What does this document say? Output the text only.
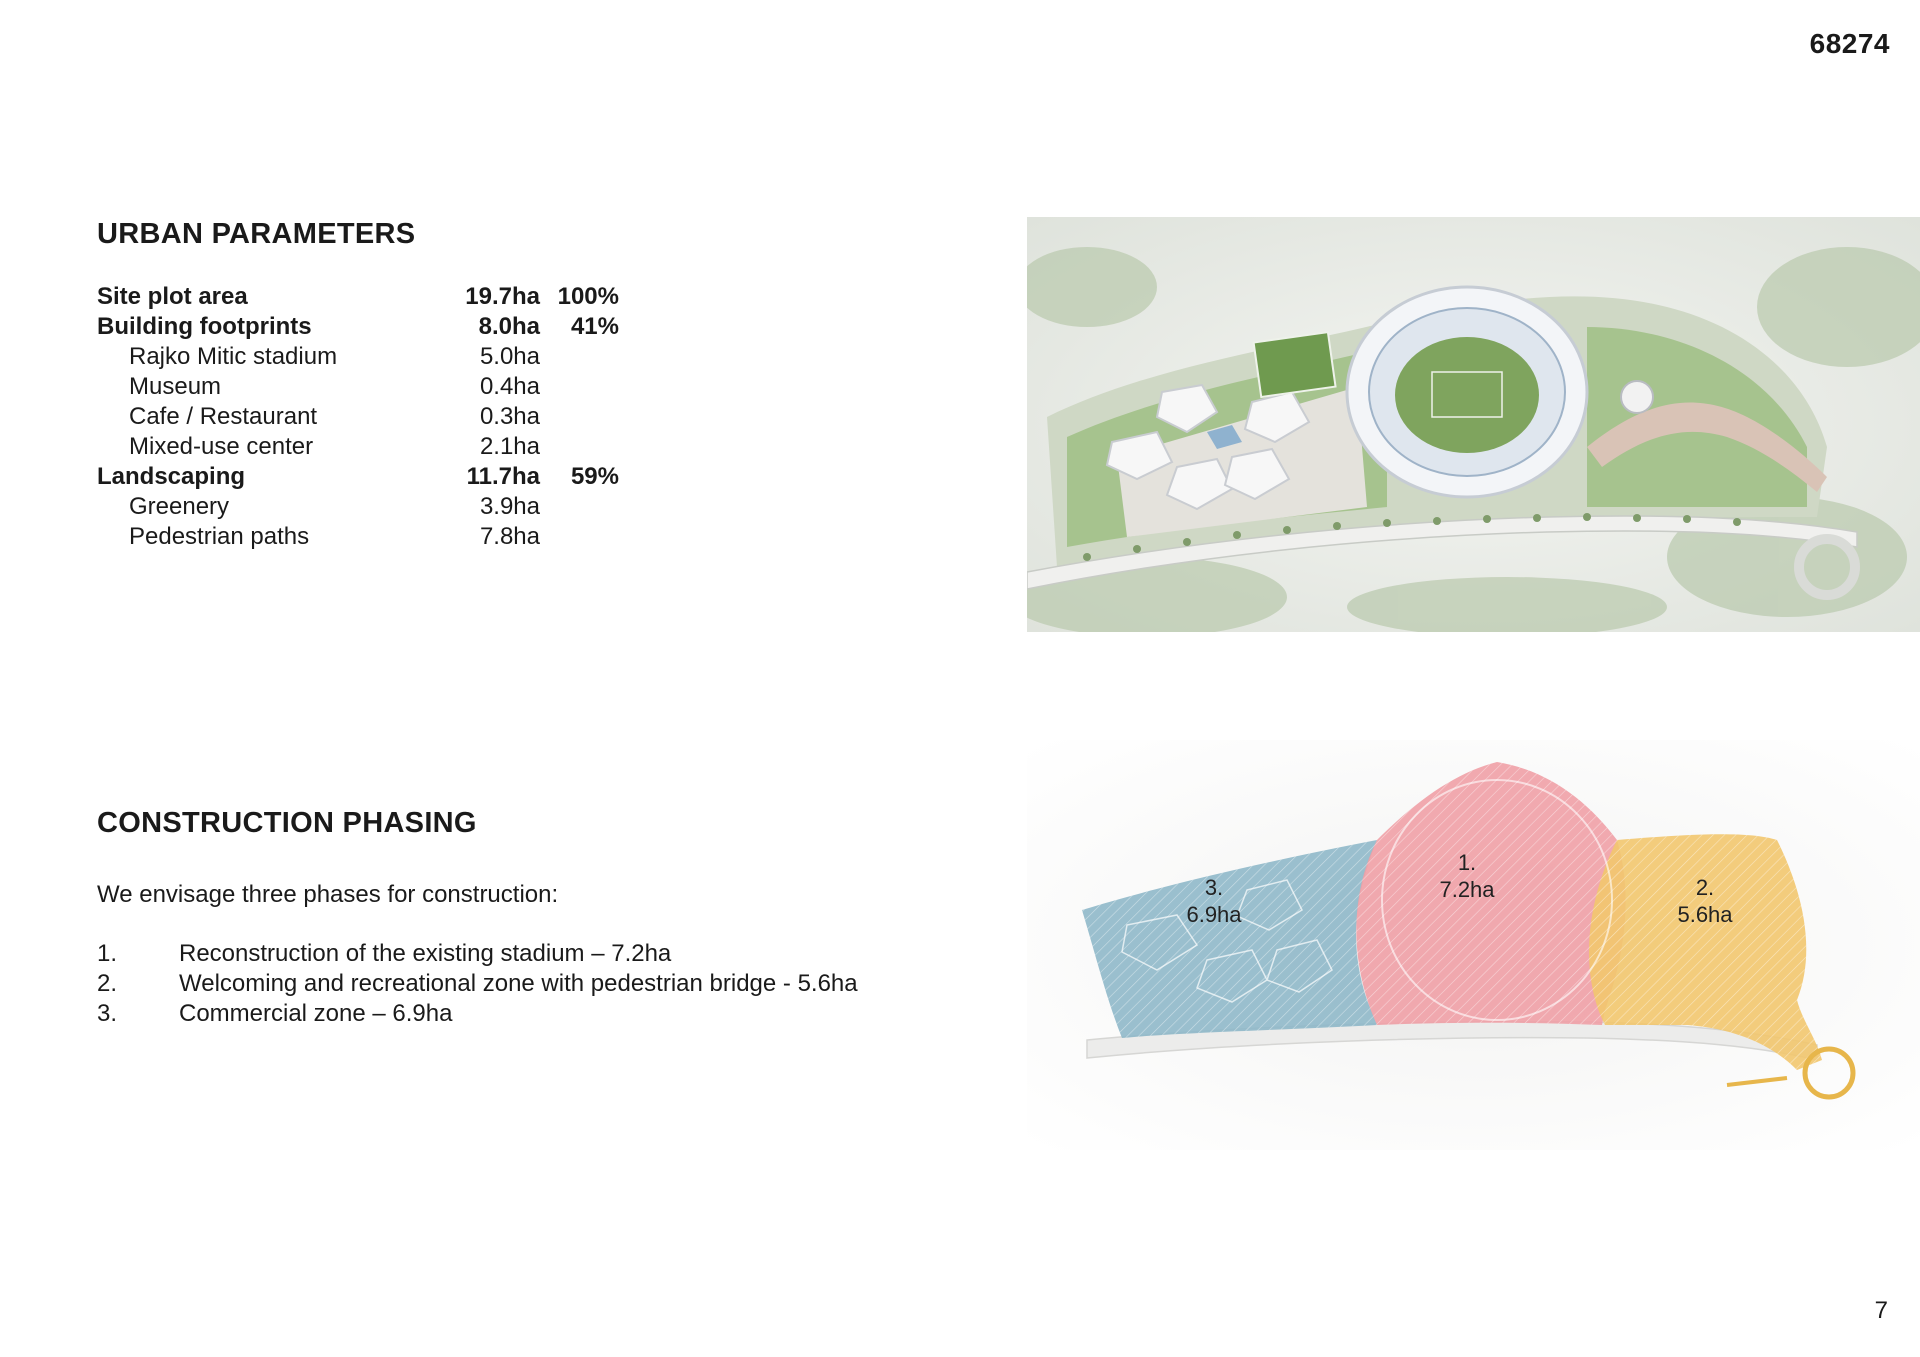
68274
URBAN PARAMETERS
Site plot area	19.7ha 100%
Building footprints	8.0ha	41%
Rajko Mitic stadium	5.0ha
Museum	0.4ha
Cafe / Restaurant	0.3ha
Mixed-use center	2.1ha
Landscaping	11.7ha	59%
Greenery	3.9ha
Pedestrian paths	7.8ha
CONSTRUCTION PHASING

We envisage three phases for construction:

1.	Reconstruction of the existing stadium – 7.2ha
2.	Welcoming and recreational zone with pedestrian bridge - 5.6ha
3.	Commercial zone – 6.9ha
1.
7.2ha	2.
5.6ha
3.
6.9ha
7
